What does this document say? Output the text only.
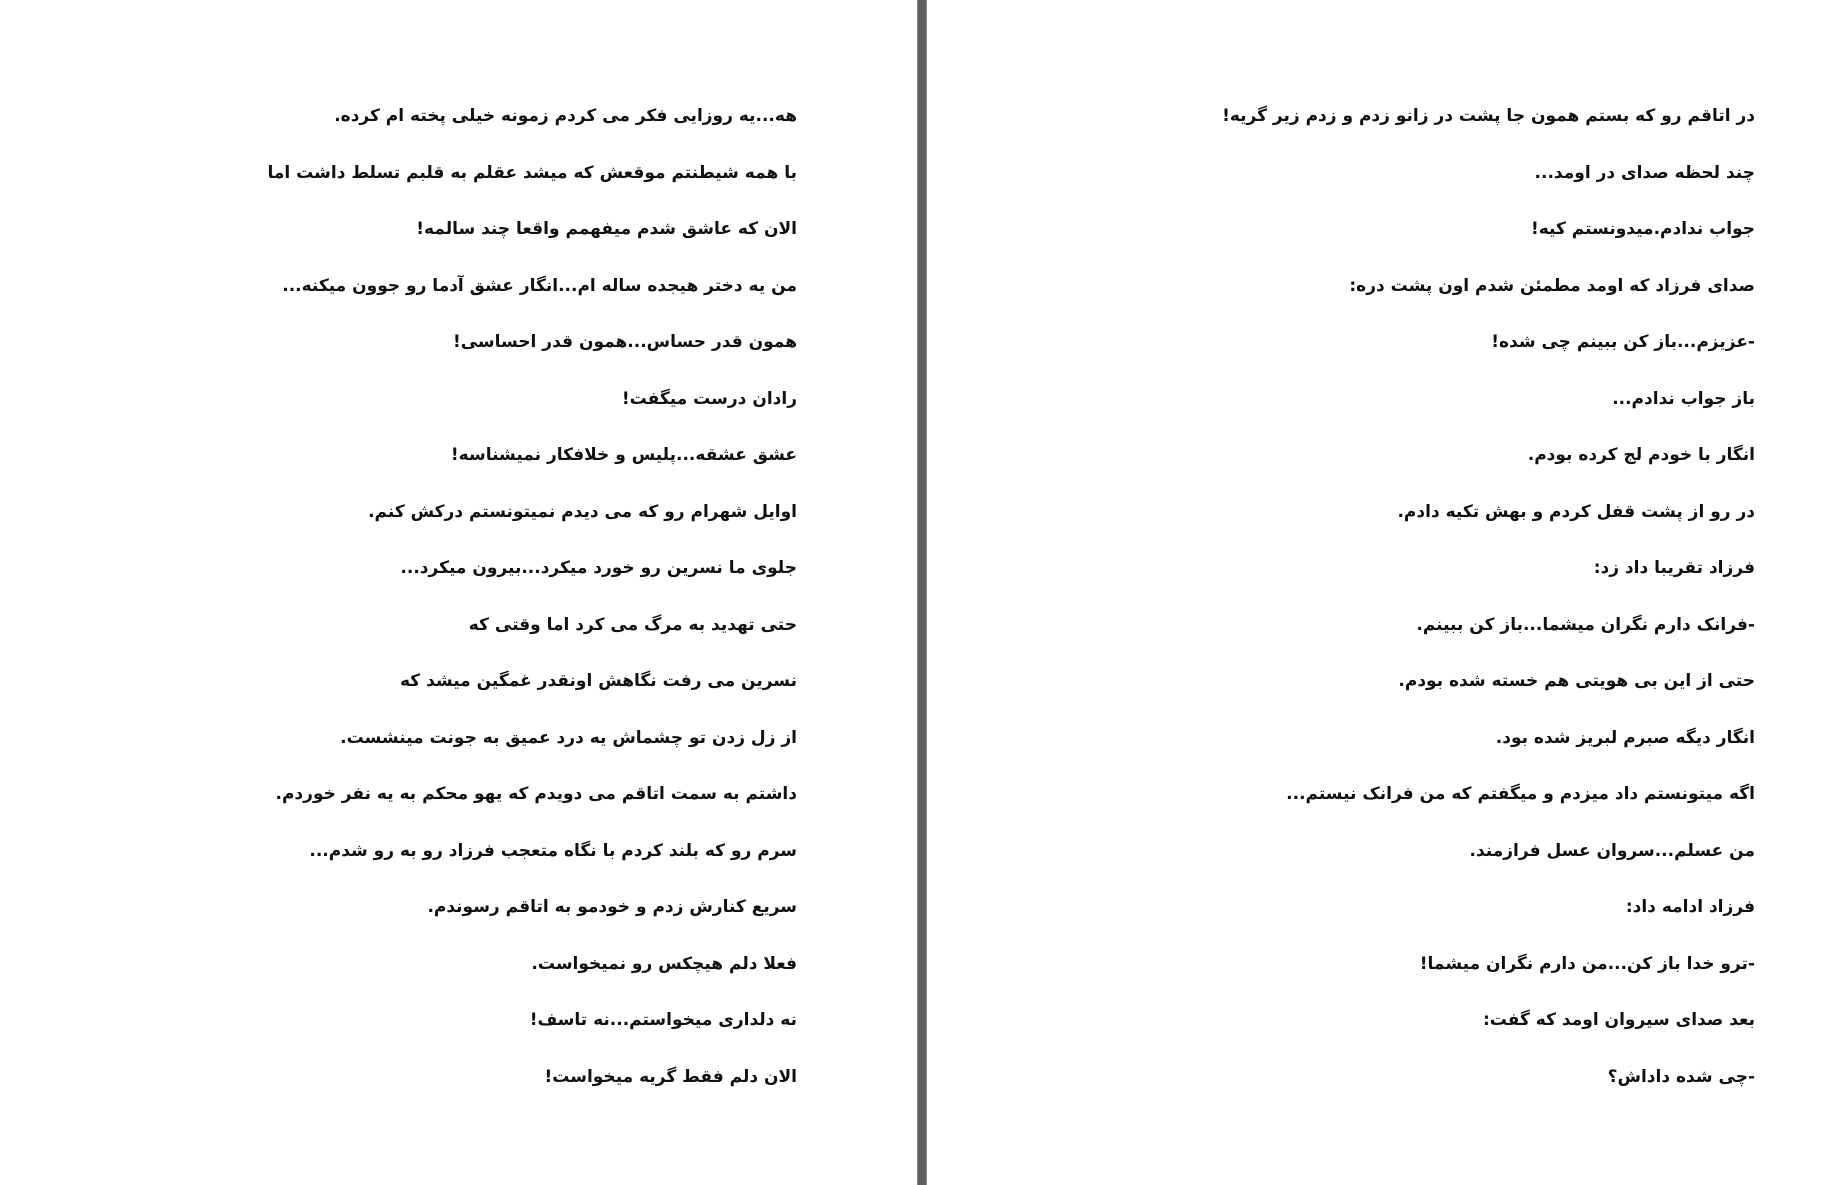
هه...یه روزایی فکر می کردم زمونه خیلی پخته ام کرده.
با همه شیطنتم موقعش که میشد عقلم به قلبم تسلط داشت اما
الان که عاشق شدم میفهمم واقعا چند سالمه!
من یه دختر هیجده ساله ام...انگار عشق آدما رو جوون میکنه...
همون قدر حساس...همون قدر احساسی!
رادان درست میگفت!
عشق عشقه...پلیس و خلافکار نمیشناسه!
اوایل شهرام رو که می دیدم نمیتونستم درکش کنم.
جلوی ما نسرین رو خورد میکرد...بیرون میکرد...
حتی تهدید به مرگ می کرد اما وقتی که
نسرین می رفت نگاهش اونقدر غمگین میشد که
از زل زدن تو چشماش یه درد عمیق به جونت مینشست.
داشتم به سمت اتاقم می دویدم که یهو محکم به یه نفر خوردم.
سرم رو که بلند کردم با نگاه متعجب فرزاد رو به رو شدم...
سریع کنارش زدم و خودمو به اتاقم رسوندم.
فعلا دلم هیچکس رو نمیخواست.
نه دلداری میخواستم...نه تاسف!
الان دلم فقط گریه میخواست!
در اتاقم رو که بستم همون جا پشت در زانو زدم و زدم زیر گریه!
چند لحظه صدای در اومد...
جواب ندادم.میدونستم کیه!
صدای فرزاد که اومد مطمئن شدم اون پشت دره:
-عزیزم...باز کن ببینم چی شده!
باز جواب ندادم...
انگار با خودم لج کرده بودم.
در رو از پشت قفل کردم و بهش تکیه دادم.
فرزاد تقریبا داد زد:
-فرانک دارم نگران میشما...باز کن ببینم.
حتی از این بی هویتی هم خسته شده بودم.
انگار دیگه صبرم لبریز شده بود.
اگه میتونستم داد میزدم و میگفتم که من فرانک نیستم...
من عسلم...سروان عسل فرازمند.
فرزاد ادامه داد:
-ترو خدا باز کن...من دارم نگران میشما!
بعد صدای سیروان اومد که گفت:
-چی شده داداش؟
